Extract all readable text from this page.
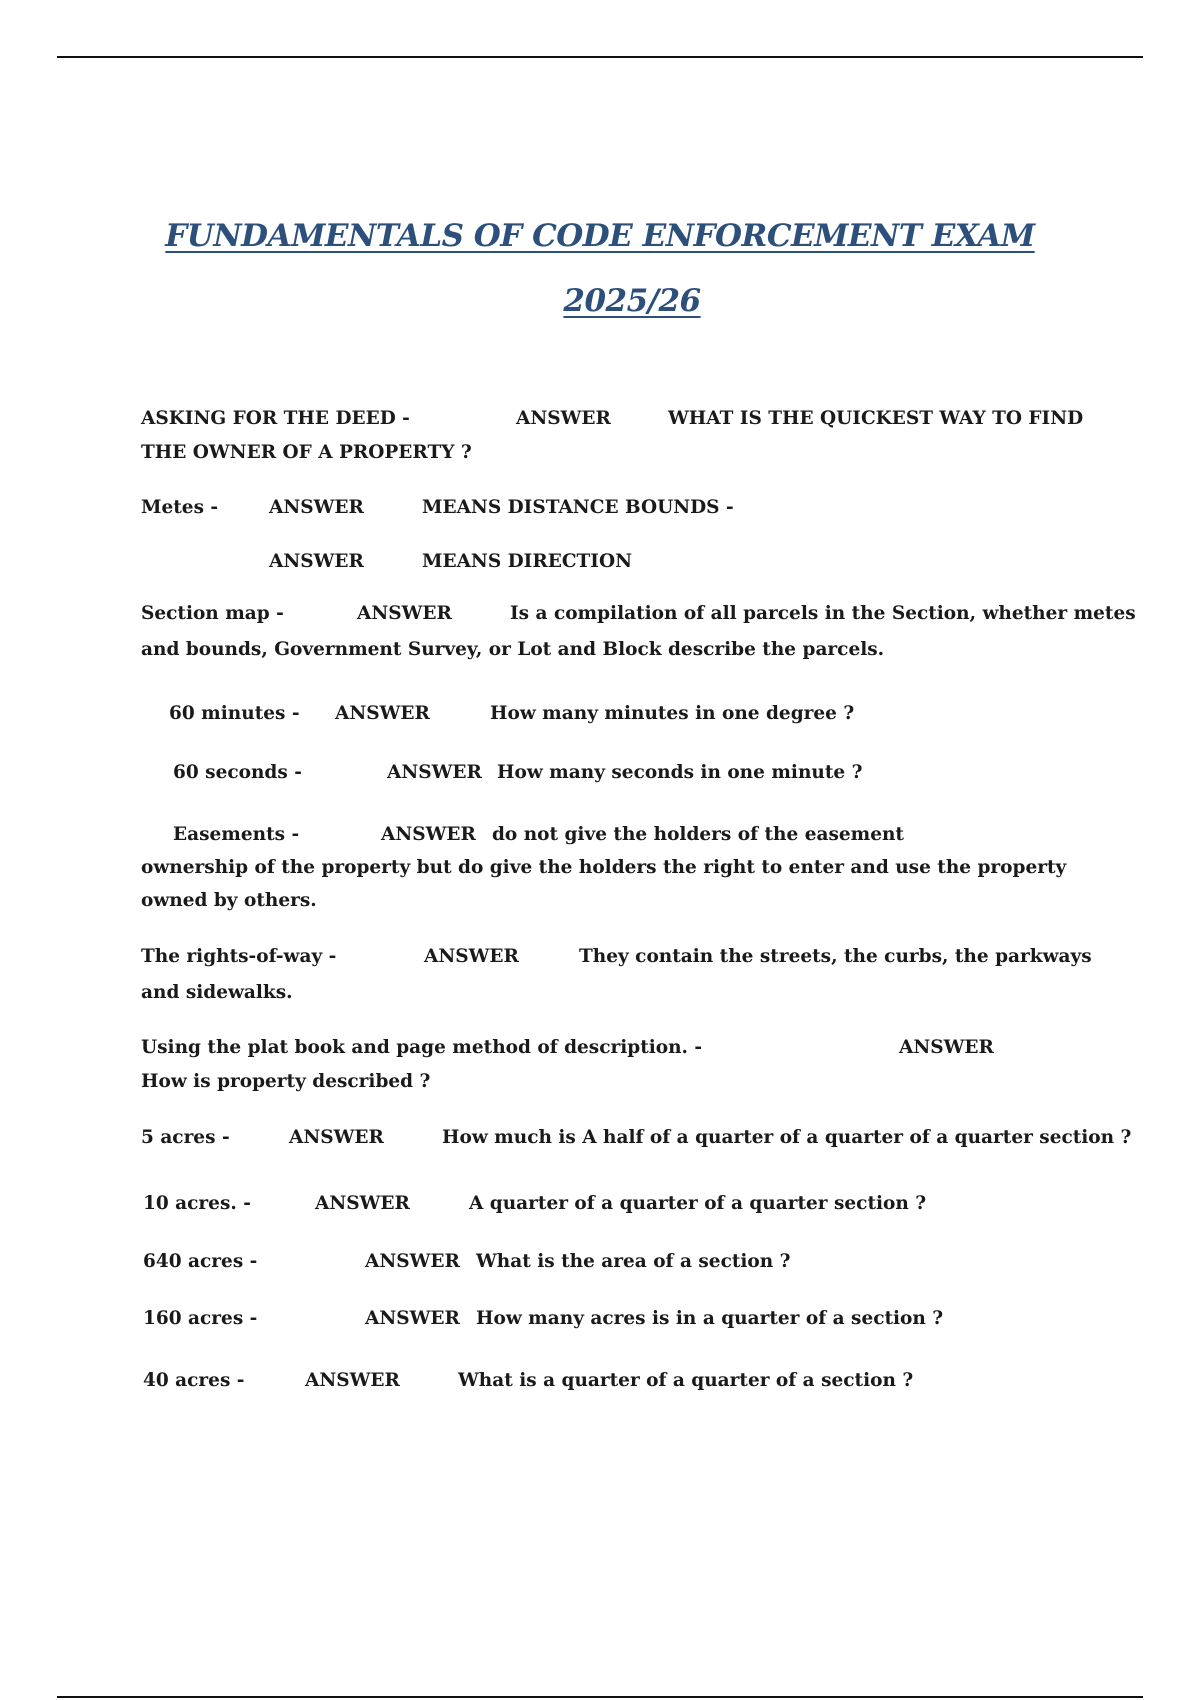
FUNDAMENTALS OF CODE ENFORCEMENT EXAM
2025/26
ASKING FOR THE DEED -	ANSWER	WHAT IS THE QUICKEST WAY TO FIND
THE OWNER OF A PROPERTY ?
Metes -	ANSWER	MEANS DISTANCE BOUNDS -
ANSWER	MEANS DIRECTION
Section map -	ANSWER	Is a compilation of all parcels in the Section, whether metes
and bounds, Government Survey, or Lot and Block describe the parcels.
60 minutes - ANSWER	How many minutes in one degree ?
60 seconds -	ANSWER How many seconds in one minute ?
Easements -	ANSWER do not give the holders of the easement
ownership of the property but do give the holders the right to enter and use the property owned by others.
The rights-of-way -	ANSWER	They contain the streets, the curbs, the parkways
and sidewalks.
Using the plat book and page method of description. -	ANSWER
How is property described ?
5 acres -	ANSWER	How much is A half of a quarter of a quarter of a quarter section ?
10 acres. -	ANSWER	A quarter of a quarter of a quarter section ?
640 acres -	ANSWER What is the area of a section ?
160 acres -	ANSWER How many acres is in a quarter of a section ?
40 acres -	ANSWER	What is a quarter of a quarter of a section ?
